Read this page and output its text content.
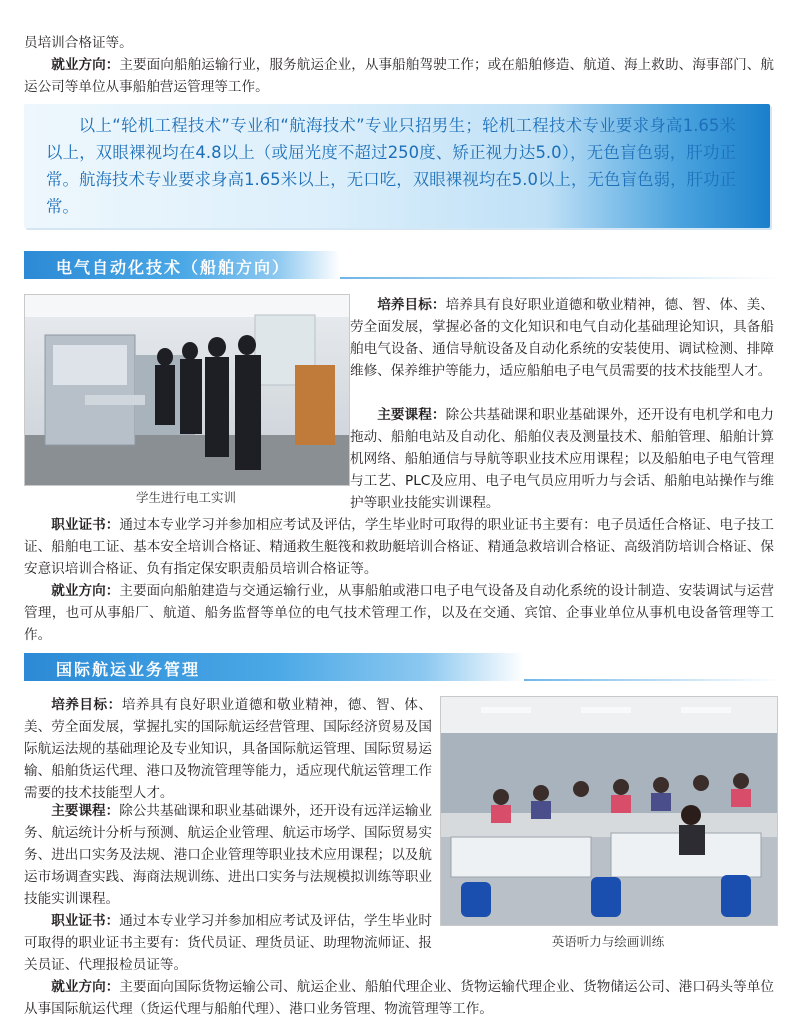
员培训合格证等。

就业方向：主要面向船舶运输行业，服务航运企业，从事船舶驾驶工作；或在船舶修造、航道、海上救助、海事部门、航运公司等单位从事船舶营运管理等工作。

以上“轮机工程技术”专业和“航海技术”专业只招男生；轮机工程技术专业要求身高1.65米以上，双眼裸视均在4.8以上（或屈光度不超过250度、矫正视力达5.0），无色盲色弱，肝功正常。航海技术专业要求身高1.65米以上，无口吃，双眼裸视均在5.0以上，无色盲色弱，肝功正常。

电气自动化技术（船舶方向）
学生进行电工实训

培养目标：培养具有良好职业道德和敬业精神，德、智、体、美、劳全面发展，掌握必备的文化知识和电气自动化基础理论知识，具备船舶电气设备、通信导航设备及自动化系统的安装使用、调试检测、排障维修、保养维护等能力，适应船舶电子电气员需要的技术技能型人才。

主要课程：除公共基础课和职业基础课外，还开设有电机学和电力拖动、船舶电站及自动化、船舶仪表及测量技术、船舶管理、船舶计算机网络、船舶通信与导航等职业技术应用课程；以及船舶电子电气管理与工艺、PLC及应用、电子电气员应用听力与会话、船舶电站操作与维护等职业技能实训课程。

职业证书：通过本专业学习并参加相应考试及评估，学生毕业时可取得的职业证书主要有：电子员适任合格证、电子技工证、船舶电工证、基本安全培训合格证、精通救生艇筏和救助艇培训合格证、精通急救培训合格证、高级消防培训合格证、保安意识培训合格证、负有指定保安职责船员培训合格证等。

就业方向：主要面向船舶建造与交通运输行业，从事船舶或港口电子电气设备及自动化系统的设计制造、安装调试与运营管理，也可从事船厂、航道、船务监督等单位的电气技术管理工作，以及在交通、宾馆、企事业单位从事机电设备管理等工作。

国际航运业务管理
英语听力与绘画训练

培养目标：培养具有良好职业道德和敬业精神，德、智、体、美、劳全面发展，掌握扎实的国际航运经营管理、国际经济贸易及国际航运法规的基础理论及专业知识，具备国际航运管理、国际贸易运输、船舶货运代理、港口及物流管理等能力，适应现代航运管理工作需要的技术技能型人才。

主要课程：除公共基础课和职业基础课外，还开设有远洋运输业务、航运统计分析与预测、航运企业管理、航运市场学、国际贸易实务、进出口实务及法规、港口企业管理等职业技术应用课程；以及航运市场调查实践、海商法规训练、进出口实务与法规模拟训练等职业技能实训课程。

职业证书：通过本专业学习并参加相应考试及评估，学生毕业时可取得的职业证书主要有：货代员证、理货员证、助理物流师证、报关员证、代理报检员证等。

就业方向：主要面向国际货物运输公司、航运企业、船舶代理企业、货物运输代理企业、货物储运公司、港口码头等单位从事国际航运代理（货运代理与船舶代理）、港口业务管理、物流管理等工作。
